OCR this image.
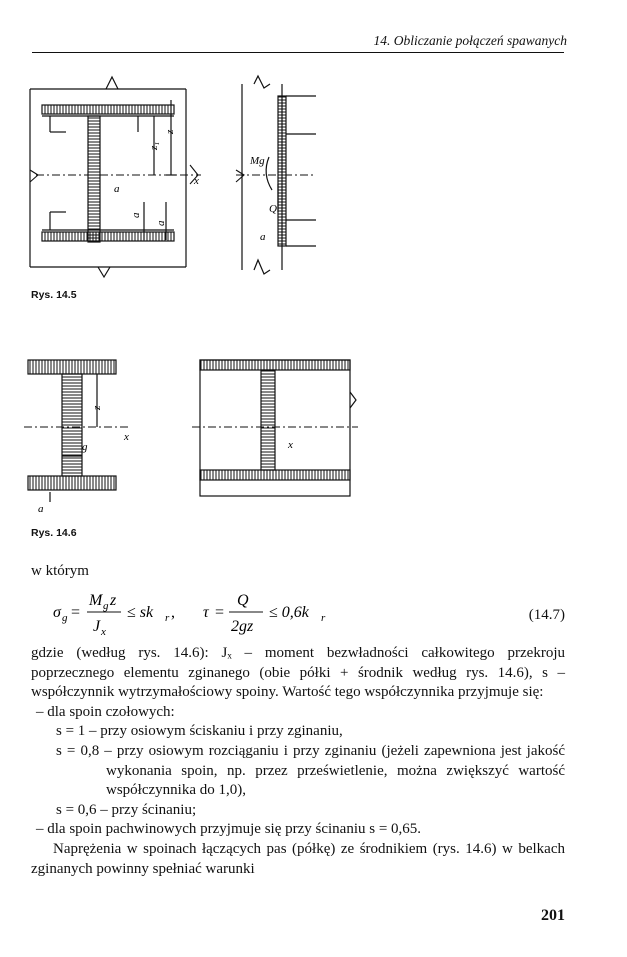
14. Obliczanie połączeń spawanych
z
z₁
x
a
a
a
Mg
Q
a
Rys. 14.5
z
x
g
a
x
Rys. 14.6

w którym

σ g =
M g z
J x
≤ sk r , τ =
Q
2gz
≤ 0,6k r	(14.7)

gdzie (według rys. 14.6): Jₓ – moment bezwładności całkowitego przekroju poprzecznego elementu zginanego (obie półki + środnik według rys. 14.6), s – współczynnik wytrzymałościowy spoiny. Wartość tego współczynnika przyjmuje się:

– dla spoin czołowych:

s = 1 – przy osiowym ściskaniu i przy zginaniu,

s = 0,8 – przy osiowym rozciąganiu i przy zginaniu (jeżeli zapewniona jest jakość wykonania spoin, np. przez prześwietlenie, można zwiększyć wartość współczynnika do 1,0),

s = 0,6 – przy ścinaniu;

– dla spoin pachwinowych przyjmuje się przy ścinaniu s = 0,65.

Naprężenia w spoinach łączących pas (półkę) ze środnikiem (rys. 14.6) w belkach zginanych powinny spełniać warunki

201
